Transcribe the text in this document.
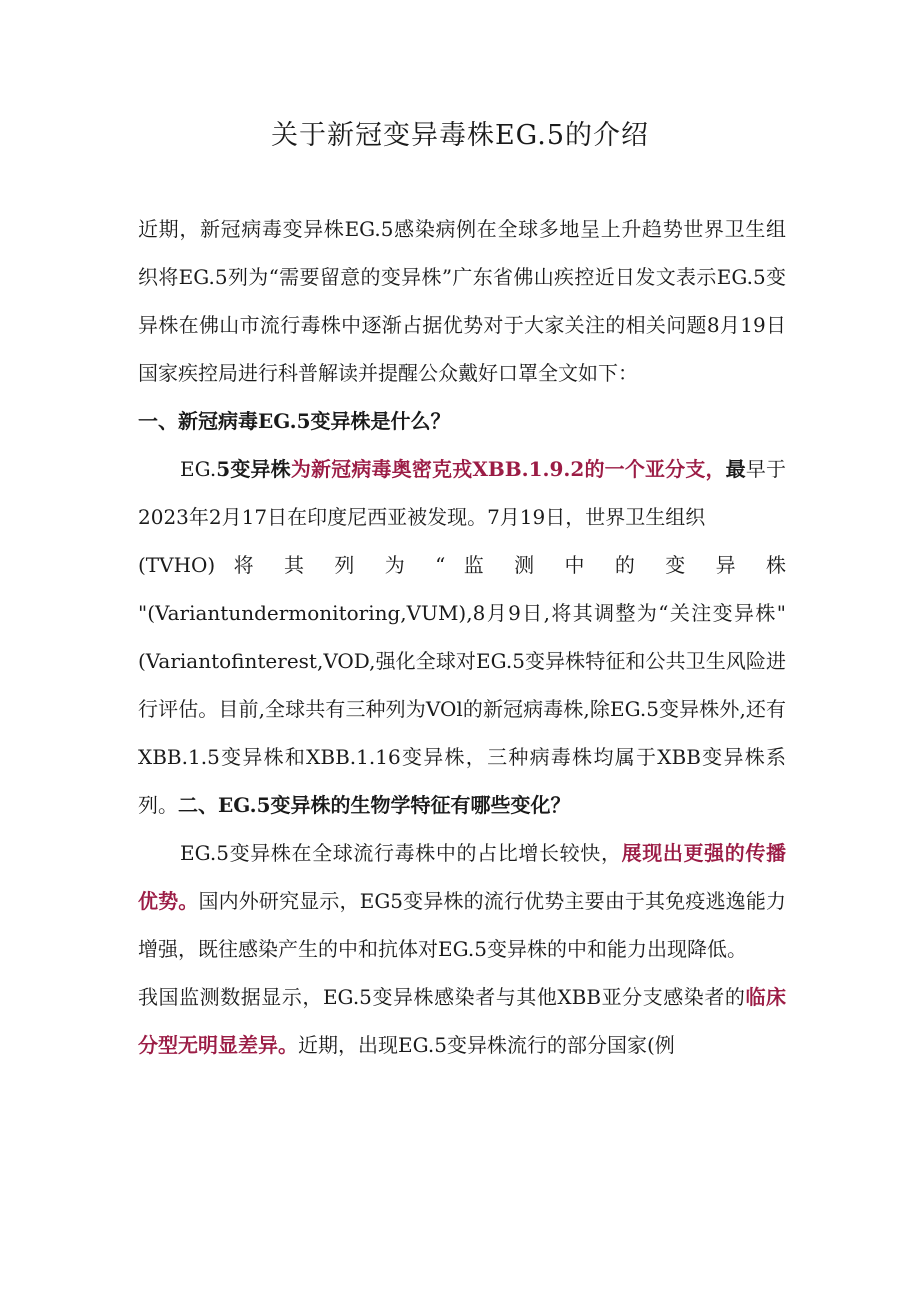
关于新冠变异毒株EG.5的介绍

近期，新冠病毒变异株EG.5感染病例在全球多地呈上升趋势世界卫生组织将EG.5列为“需要留意的变异株”广东省佛山疾控近日发文表示EG.5变异株在佛山市流行毒株中逐渐占据优势对于大家关注的相关问题8月19日国家疾控局进行科普解读并提醒公众戴好口罩全文如下：

一、新冠病毒EG.5变异株是什么？

EG.5变异株为新冠病毒奥密克戎XBB.1.9.2的一个亚分支，最早于2023年2月17日在印度尼西亚被发现。7月19日，世界卫生组织

(TVHO) 将 其 列 为 “ 监 测 中 的 变 异 株

"(Variantundermonitoring,VUM),8月9日,将其调整为“关注变异株"(Variantofinterest,VOD,强化全球对EG.5变异株特征和公共卫生风险进行评估。目前,全球共有三种列为VOl的新冠病毒株,除EG.5变异株外,还有XBB.1.5变异株和XBB.1.16变异株，三种病毒株均属于XBB变异株系列。二、EG.5变异株的生物学特征有哪些变化？

EG.5变异株在全球流行毒株中的占比增长较快，展现出更强的传播优势。国内外研究显示，EG5变异株的流行优势主要由于其免疫逃逸能力增强，既往感染产生的中和抗体对EG.5变异株的中和能力出现降低。

我国监测数据显示，EG.5变异株感染者与其他XBB亚分支感染者的临床分型无明显差异。近期，出现EG.5变异株流行的部分国家(例
